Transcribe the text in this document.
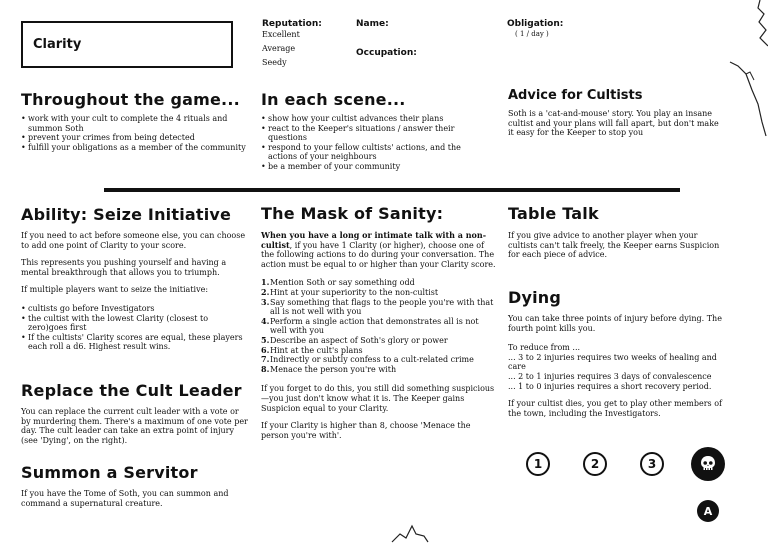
Clarity
Reputation:
Excellent
Average
Seedy
Name:
Occupation:
Obligation:
( 1 / day )
Throughout the game...
• work with your cult to complete the 4 rituals and summon Soth
• prevent your crimes from being detected
• fulfill your obligations as a member of the community
In each scene...
• show how your cultist advances their plans
• react to the Keeper's situations / answer their questions
• respond to your fellow cultists' actions, and the actions of your neighbours
• be a member of your community
Advice for Cultists

Soth is a 'cat-and-mouse' story. You play an insane cultist and your plans will fall apart, but don't make it easy for the Keeper to stop you

Ability: Seize Initiative

If you need to act before someone else, you can choose to add one point of Clarity to your score.

This represents you pushing yourself and having a mental breakthrough that allows you to triumph.

If multiple players want to seize the initiative:

• cultists go before Investigators
• the cultist with the lowest Clarity (closest to zero)goes first
• If the cultists' Clarity scores are equal, these players each roll a d6. Highest result wins.
Replace the Cult Leader

You can replace the current cult leader with a vote or by murdering them. There's a maximum of one vote per day. The cult leader can take an extra point of injury (see 'Dying', on the right).

Summon a Servitor

If you have the Tome of Soth, you can summon and command a supernatural creature.

The Mask of Sanity:

When you have a long or intimate talk with a non-cultist, if you have 1 Clarity (or higher), choose one of the following actions to do during your conversation. The action must be equal to or higher than your Clarity score.

1. Mention Soth or say something odd
2. Hint at your superiority to the non-cultist
3. Say something that flags to the people you're with that all is not well with you
4. Perform a single action that demonstrates all is not well with you
5. Describe an aspect of Soth's glory or power
6. Hint at the cult's plans
7. Indirectly or subtly confess to a cult-related crime
8. Menace the person you're with

If you forget to do this, you still did something suspicious—you just don't know what it is. The Keeper gains Suspicion equal to your Clarity.

If your Clarity is higher than 8, choose 'Menace the person you're with'.

Table Talk

If you give advice to another player when your cultists can't talk freely, the Keeper earns Suspicion for each piece of advice.

Dying

You can take three points of injury before dying. The fourth point kills you.

To reduce from ...

... 3 to 2 injuries requires two weeks of healing and care

... 2 to 1 injuries requires 3 days of convalescence

... 1 to 0 injuries requires a short recovery period.

If your cultist dies, you get to play other members of the town, including the Investigators.

1	2	3
A
